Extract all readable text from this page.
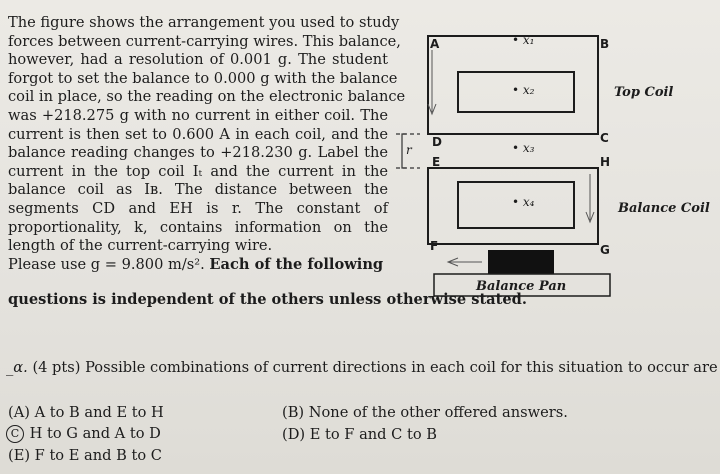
The figure shows the arrangement you used to study
forces between current-carrying wires. This balance,
however, had a resolution of 0.001 g. The student
forgot to set the balance to 0.000 g with the balance
coil in place, so the reading on the electronic balance
was +218.275 g with no current in either coil. The
current is then set to 0.600 A in each coil, and the
balance reading changes to +218.230 g. Label the
current in the top coil Iₜ and the current in the
balance coil as Iʙ. The distance between the
segments CD and EH is r. The constant of
proportionality, k, contains information on the
length of the current-carrying wire.
Please use g = 9.800 m/s². Each of the following
questions is independent of the others unless otherwise stated.
A	B
C
D
E	H
F	G
• x₁
• x₂
• x₃
• x₄
r
Top Coil
Balance Coil
Balance Pan
_α. (4 pts) Possible combinations of current directions in each coil for this situation to occur are
(A) A to B and E to H	(B) None of the other offered answers.
C H to G and A to D	(D) E to F and C to B
(E) F to E and B to C
